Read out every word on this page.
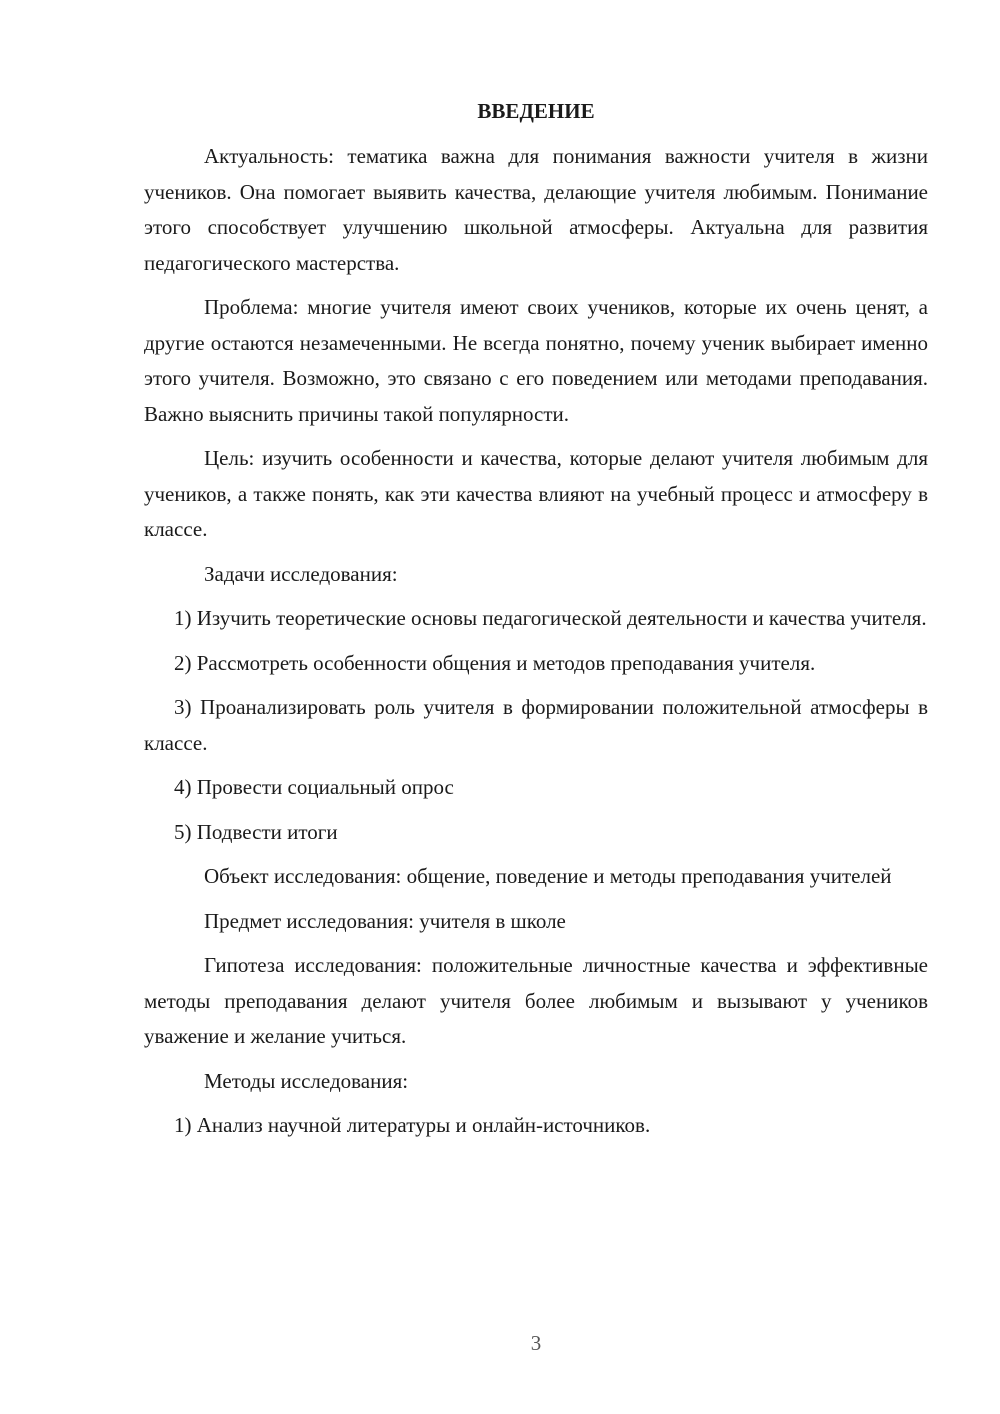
ВВЕДЕНИЕ

Актуальность: тематика важна для понимания важности учителя в жизни учеников. Она помогает выявить качества, делающие учителя любимым. Понимание этого способствует улучшению школьной атмосферы. Актуальна для развития педагогического мастерства.

Проблема: многие учителя имеют своих учеников, которые их очень ценят, а другие остаются незамеченными. Не всегда понятно, почему ученик выбирает именно этого учителя. Возможно, это связано с его поведением или методами преподавания. Важно выяснить причины такой популярности.

Цель: изучить особенности и качества, которые делают учителя любимым для учеников, а также понять, как эти качества влияют на учебный процесс и атмосферу в классе.

Задачи исследования:

1) Изучить теоретические основы педагогической деятельности и качества учителя.

2) Рассмотреть особенности общения и методов преподавания учителя.

3) Проанализировать роль учителя в формировании положительной атмосферы в классе.

4) Провести социальный опрос

5) Подвести итоги

Объект исследования: общение, поведение и методы преподавания учителей

Предмет исследования: учителя в школе

Гипотеза исследования: положительные личностные качества и эффективные методы преподавания делают учителя более любимым и вызывают у учеников уважение и желание учиться.

Методы исследования:

1) Анализ научной литературы и онлайн-источников.

3
